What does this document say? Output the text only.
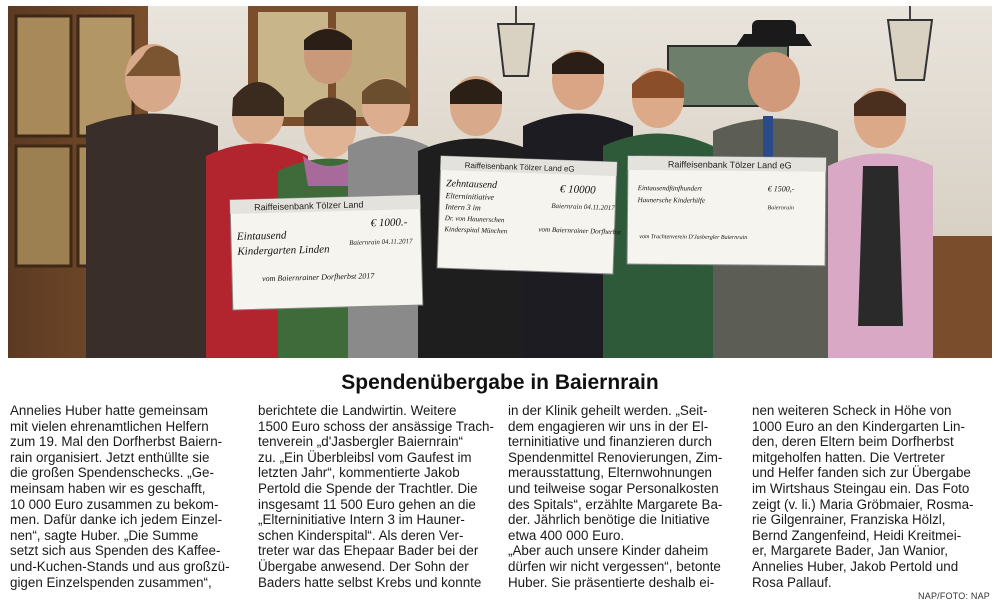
Raiffeisenbank Tölzer Land
Eintausend
Kindergarten Linden
€ 1000.-
Baiernrain 04.11.2017
vom Baiernrainer Dorfherbst 2017
Raiffeisenbank Tölzer Land eG
Zehntausend
Elterninitiative
Intern 3 im
Dr. von Haunerschen
Kinderspital München
€ 10000
Baiernrain 04.11.2017
vom Baiernrainer Dorfherbst
Raiffeisenbank Tölzer Land eG
Eintausendfünfhundert
Haunersche Kinderhilfe
€ 1500,-
Baiernrain
vom Trachtenverein D'Jasbergler Baiernrain
Spendenübergabe in Baiernrain
Annelies Huber hatte gemeinsam
mit vielen ehrenamtlichen Helfern
zum 19. Mal den Dorfherbst Baiern-
rain organisiert. Jetzt enthüllte sie
die großen Spendenschecks. „Ge-
meinsam haben wir es geschafft,
10 000 Euro zusammen zu bekom-
men. Dafür danke ich jedem Einzel-
nen“, sagte Huber. „Die Summe
setzt sich aus Spenden des Kaffee-
und-Kuchen-Stands und aus großzü-
gigen Einzelspenden zusammen“,
berichtete die Landwirtin. Weitere
1500 Euro schoss der ansässige Trach-
tenverein „d'Jasbergler Baiernrain“
zu. „Ein Überbleibsl vom Gaufest im
letzten Jahr“, kommentierte Jakob
Pertold die Spende der Trachtler. Die
insgesamt 11 500 Euro gehen an die
„Elterninitiative Intern 3 im Hauner-
schen Kinderspital“. Als deren Ver-
treter war das Ehepaar Bader bei der
Übergabe anwesend. Der Sohn der
Baders hatte selbst Krebs und konnte
in der Klinik geheilt werden. „Seit-
dem engagieren wir uns in der El-
terninitiative und finanzieren durch
Spendenmittel Renovierungen, Zim-
merausstattung, Elternwohnungen
und teilweise sogar Personalkosten
des Spitals“, erzählte Margarete Ba-
der. Jährlich benötige die Initiative
etwa 400 000 Euro.
„Aber auch unsere Kinder daheim
dürfen wir nicht vergessen“, betonte
Huber. Sie präsentierte deshalb ei-
nen weiteren Scheck in Höhe von
1000 Euro an den Kindergarten Lin-
den, deren Eltern beim Dorfherbst
mitgeholfen hatten. Die Vertreter
und Helfer fanden sich zur Übergabe
im Wirtshaus Steingau ein. Das Foto
zeigt (v. li.) Maria Gröbmaier, Rosma-
rie Gilgenrainer, Franziska Hölzl,
Bernd Zangenfeind, Heidi Kreitmei-
er, Margarete Bader, Jan Wanior,
Annelies Huber, Jakob Pertold und
Rosa Pallauf.
NAP/FOTO: NAP
